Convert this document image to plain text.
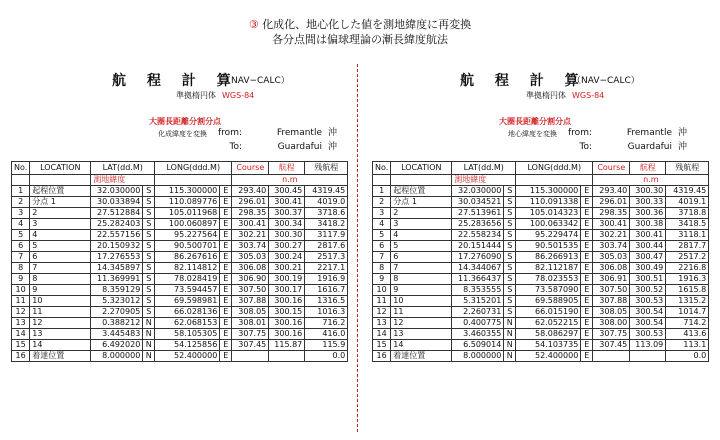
③ 化成化、地心化した値を測地緯度に再変換
各分点間は偏球理論の漸長緯度航法
航 程 計 算
（NAV−CALC）
準拠楕円体 WGS-84
大圏長距離分割分点
化成緯度を変換	from:	Fremantle 沖
To:	Guardafui 沖
No.	LOCATION	LAT(dd.M)		LONG(ddd.M)		Course	航程	残航程
		測地緯度				n.m		
1	起程位置	32.030000	S	115.300000	E	293.40	300.45	4319.45
2	分点 1	30.033894	S	110.089776	E	296.01	300.41	4019.0
3	2	27.512884	S	105.011968	E	298.35	300.37	3718.6
4	3	25.282403	S	100.060897	E	300.41	300.34	3418.2
5	4	22.557156	S	95.227564	E	302.21	300.30	3117.9
6	5	20.150932	S	90.500701	E	303.74	300.27	2817.6
7	6	17.276553	S	86.267616	E	305.03	300.24	2517.3
8	7	14.345897	S	82.114812	E	306.08	300.21	2217.1
9	8	11.369991	S	78.028419	E	306.90	300.19	1916.9
10	9	8.359129	S	73.594457	E	307.50	300.17	1616.7
11	10	5.323012	S	69.598981	E	307.88	300.16	1316.5
12	11	2.270905	S	66.028136	E	308.05	300.15	1016.3
13	12	0.388212	N	62.068153	E	308.01	300.16	716.2
14	13	3.445483	N	58.105305	E	307.75	300.16	416.0
15	14	6.492020	N	54.125856	E	307.45	115.87	115.9
16	着達位置	8.000000	N	52.400000	E			0.0
航 程 計 算
（NAV−CALC）
準拠楕円体 WGS-84
大圏長距離分割分点
地心緯度を変換	from:	Fremantle 沖
To:	Guardafui 沖
No.	LOCATION	LAT(dd.M)		LONG(ddd.M)		Course	航程	残航程
		測地緯度				n.m		
1	起程位置	32.030000	S	115.300000	E	293.40	300.30	4319.45
2	分点 1	30.034521	S	110.091338	E	296.01	300.33	4019.1
3	2	27.513961	S	105.014323	E	298.35	300.36	3718.8
4	3	25.283656	S	100.063342	E	300.41	300.38	3418.5
5	4	22.558234	S	95.229474	E	302.21	300.41	3118.1
6	5	20.151444	S	90.501535	E	303.74	300.44	2817.7
7	6	17.276090	S	86.266913	E	305.03	300.47	2517.2
8	7	14.344067	S	82.112187	E	306.08	300.49	2216.8
9	8	11.366437	S	78.023553	E	306.91	300.51	1916.3
10	9	8.353555	S	73.587090	E	307.50	300.52	1615.8
11	10	5.315201	S	69.588905	E	307.88	300.53	1315.2
12	11	2.260731	S	66.015190	E	308.05	300.54	1014.7
13	12	0.400775	N	62.052215	E	308.00	300.54	714.2
14	13	3.460355	N	58.086297	E	307.75	300.53	413.6
15	14	6.509014	N	54.103735	E	307.45	113.09	113.1
16	着達位置	8.000000	N	52.400000	E			0.0
